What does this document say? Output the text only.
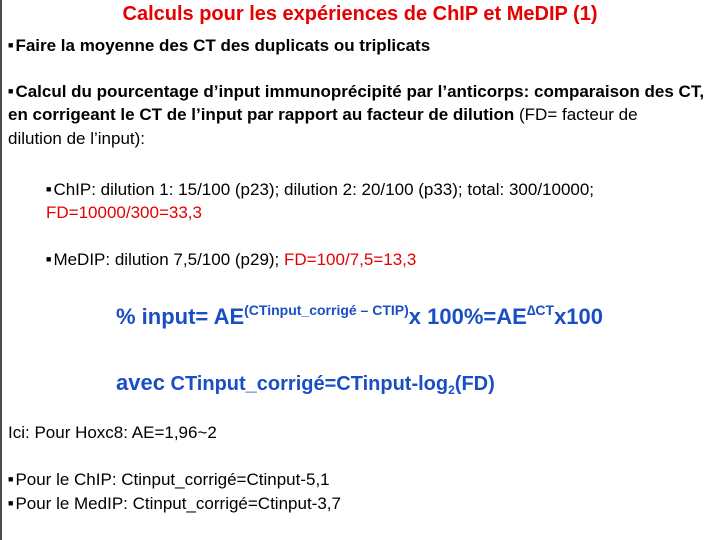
Calculs pour les expériences de ChIP et MeDIP (1)
■ Faire la moyenne des CT des duplicats ou triplicats
■ Calcul du pourcentage d’input immunoprécipité par l’anticorps: comparaison des CT,
en corrigeant le CT de l’input par rapport au facteur de dilution (FD= facteur de
dilution de l’input):
■ ChIP: dilution 1: 15/100 (p23); dilution 2: 20/100 (p33); total: 300/10000;
FD=10000/300=33,3
■ MeDIP: dilution 7,5/100 (p29); FD=100/7,5=13,3
% input= $AE^{(CTinput\_corrigé - CTIP)}x$ $100\%=AE^{\Delta CT}x100$
avec $CTinput\_corrigé=CTinput-\log_2(FD)$
Ici: Pour Hoxc8: AE=1,96~2
■ Pour le ChIP: Ctinput_corrigé=Ctinput-5,1
■ Pour le MedIP: Ctinput_corrigé=Ctinput-3,7
